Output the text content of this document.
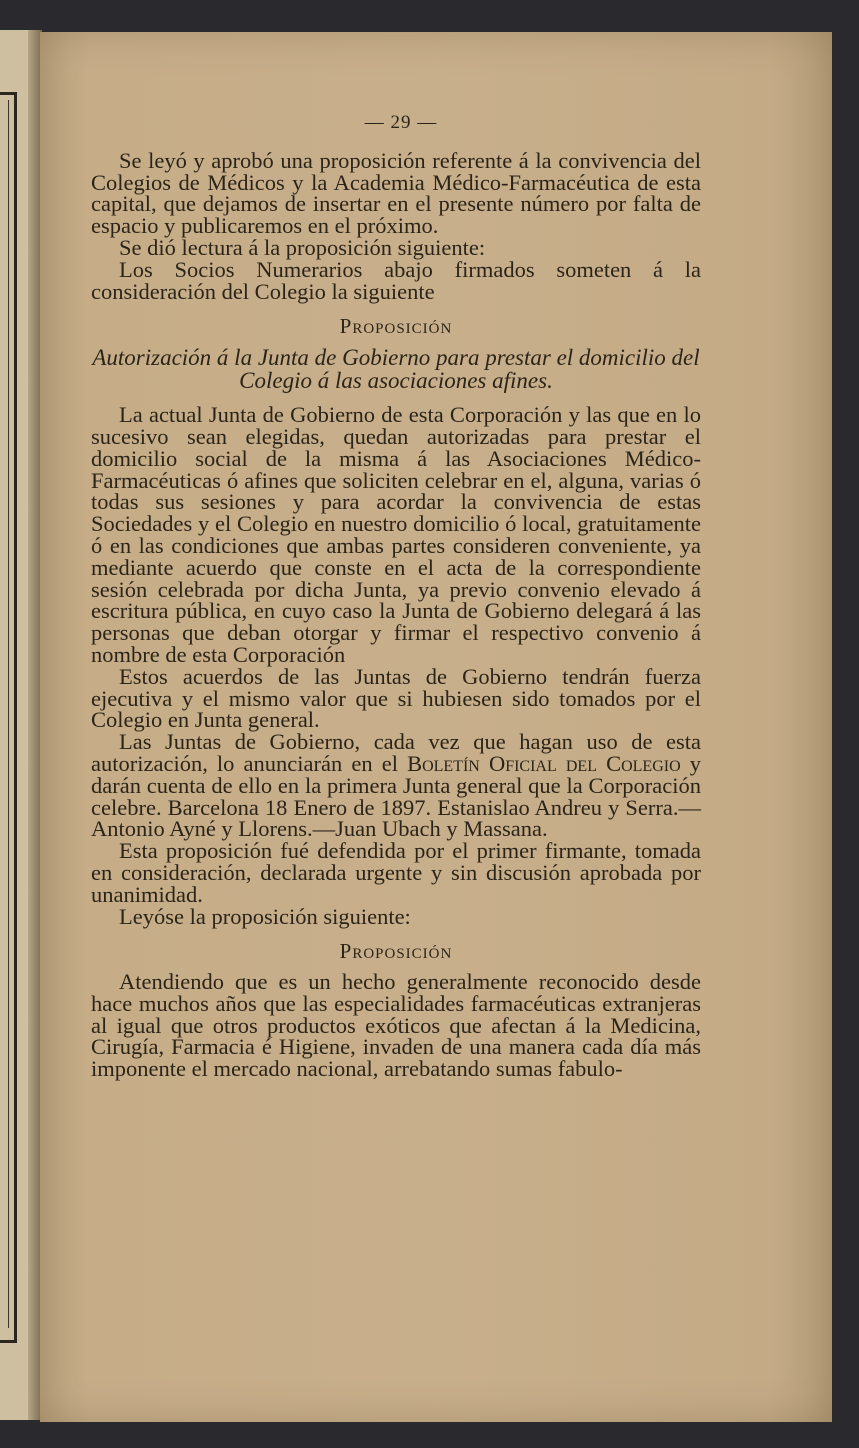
— 29 —

Se leyó y aprobó una proposición referente á la convivencia del Colegios de Médicos y la Academia Médico-Farmacéutica de esta capital, que dejamos de insertar en el presente número por falta de espacio y publicaremos en el próximo.

Se dió lectura á la proposición siguiente:

Los Socios Numerarios abajo firmados someten á la consideración del Colegio la siguiente

Proposición
Autorización á la Junta de Gobierno para prestar el domicilio del Colegio á las asociaciones afines.

La actual Junta de Gobierno de esta Corporación y las que en lo sucesivo sean elegidas, quedan autorizadas para prestar el domicilio social de la misma á las Asociaciones Médico-Farmacéuticas ó afines que soliciten celebrar en el, alguna, varias ó todas sus sesiones y para acordar la convivencia de estas Sociedades y el Colegio en nuestro domicilio ó local, gratuitamente ó en las condiciones que ambas partes consideren conveniente, ya mediante acuerdo que conste en el acta de la correspondiente sesión celebrada por dicha Junta, ya previo convenio elevado á escritura pública, en cuyo caso la Junta de Gobierno delegará á las personas que deban otorgar y firmar el respectivo convenio á nombre de esta Corporación

Estos acuerdos de las Juntas de Gobierno tendrán fuerza ejecutiva y el mismo valor que si hubiesen sido tomados por el Colegio en Junta general.

Las Juntas de Gobierno, cada vez que hagan uso de esta autorización, lo anunciarán en el Boletín Oficial del Colegio y darán cuenta de ello en la primera Junta general que la Corporación celebre. Barcelona 18 Enero de 1897. Estanislao Andreu y Serra.—Antonio Ayné y Llorens.—Juan Ubach y Massana.

Esta proposición fué defendida por el primer firmante, tomada en consideración, declarada urgente y sin discusión aprobada por unanimidad.

Leyóse la proposición siguiente:

Proposición

Atendiendo que es un hecho generalmente reconocido desde hace muchos años que las especialidades farmacéuticas extranjeras al igual que otros productos exóticos que afectan á la Medicina, Cirugía, Farmacia é Higiene, invaden de una manera cada día más imponente el mercado nacional, arrebatando sumas fabulo-
